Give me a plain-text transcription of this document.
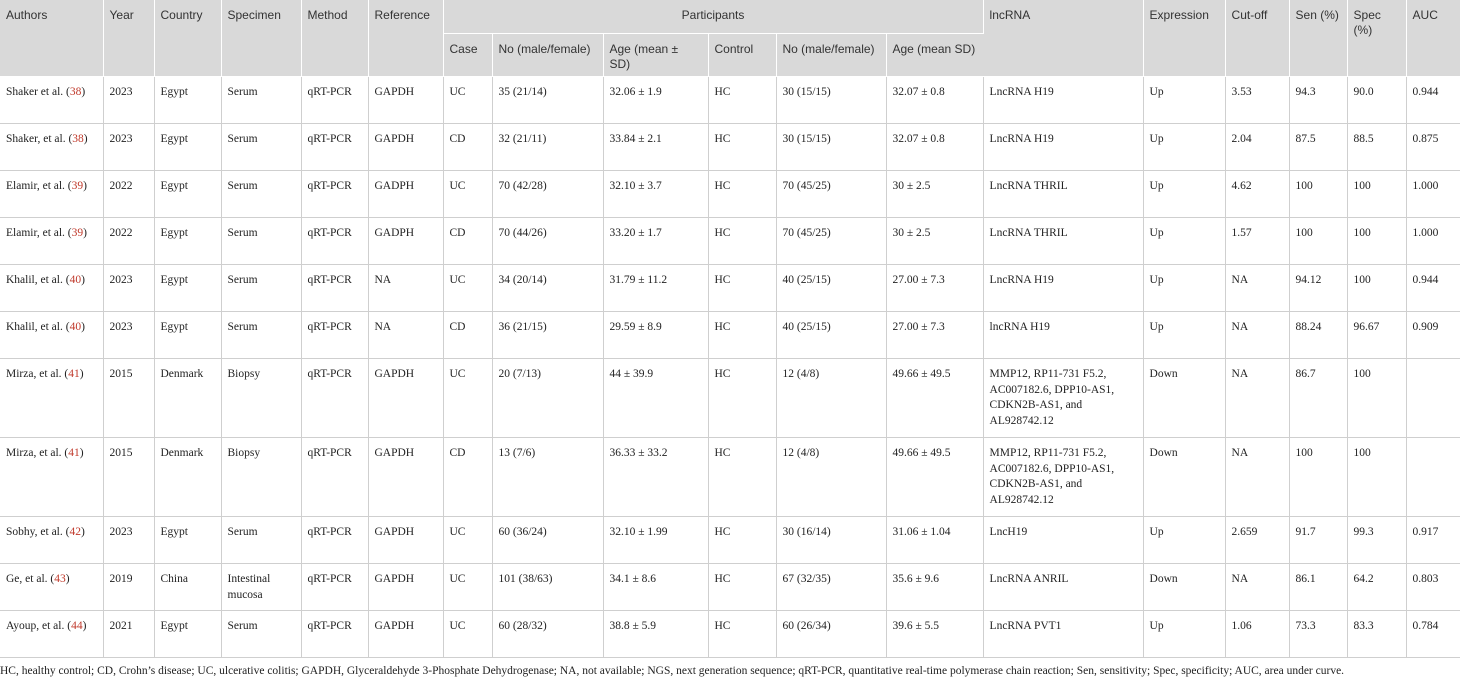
Authors	Year	Country	Specimen	Method	Reference	Participants						lncRNA	Expression	Cut-off	Sen (%)	Spec (%)	AUC
						Case	No (male/female)	Age (mean ± SD)	Control	No (male/female)	Age (mean SD)						
Shaker et al. (38)	2023	Egypt	Serum	qRT-PCR	GAPDH	UC	35 (21/14)	32.06 ± 1.9	HC	30 (15/15)	32.07 ± 0.8	LncRNA H19	Up	3.53	94.3	90.0	0.944
Shaker, et al. (38)	2023	Egypt	Serum	qRT-PCR	GAPDH	CD	32 (21/11)	33.84 ± 2.1	HC	30 (15/15)	32.07 ± 0.8	LncRNA H19	Up	2.04	87.5	88.5	0.875
Elamir, et al. (39)	2022	Egypt	Serum	qRT-PCR	GADPH	UC	70 (42/28)	32.10 ± 3.7	HC	70 (45/25)	30 ± 2.5	LncRNA THRIL	Up	4.62	100	100	1.000
Elamir, et al. (39)	2022	Egypt	Serum	qRT-PCR	GADPH	CD	70 (44/26)	33.20 ± 1.7	HC	70 (45/25)	30 ± 2.5	LncRNA THRIL	Up	1.57	100	100	1.000
Khalil, et al. (40)	2023	Egypt	Serum	qRT-PCR	NA	UC	34 (20/14)	31.79 ± 11.2	HC	40 (25/15)	27.00 ± 7.3	LncRNA H19	Up	NA	94.12	100	0.944
Khalil, et al. (40)	2023	Egypt	Serum	qRT-PCR	NA	CD	36 (21/15)	29.59 ± 8.9	HC	40 (25/15)	27.00 ± 7.3	lncRNA H19	Up	NA	88.24	96.67	0.909
Mirza, et al. (41)	2015	Denmark	Biopsy	qRT-PCR	GAPDH	UC	20 (7/13)	44 ± 39.9	HC	12 (4/8)	49.66 ± 49.5	MMP12, RP11-731 F5.2, AC007182.6, DPP10-AS1, CDKN2B-AS1, and AL928742.12	Down	NA	86.7	100	
Mirza, et al. (41)	2015	Denmark	Biopsy	qRT-PCR	GAPDH	CD	13 (7/6)	36.33 ± 33.2	HC	12 (4/8)	49.66 ± 49.5	MMP12, RP11-731 F5.2, AC007182.6, DPP10-AS1, CDKN2B-AS1, and AL928742.12	Down	NA	100	100	
Sobhy, et al. (42)	2023	Egypt	Serum	qRT-PCR	GAPDH	UC	60 (36/24)	32.10 ± 1.99	HC	30 (16/14)	31.06 ± 1.04	LncH19	Up	2.659	91.7	99.3	0.917
Ge, et al. (43)	2019	China	Intestinal mucosa	qRT-PCR	GAPDH	UC	101 (38/63)	34.1 ± 8.6	HC	67 (32/35)	35.6 ± 9.6	LncRNA ANRIL	Down	NA	86.1	64.2	0.803
Ayoup, et al. (44)	2021	Egypt	Serum	qRT-PCR	GAPDH	UC	60 (28/32)	38.8 ± 5.9	HC	60 (26/34)	39.6 ± 5.5	LncRNA PVT1	Up	1.06	73.3	83.3	0.784
HC, healthy control; CD, Crohn’s disease; UC, ulcerative colitis; GAPDH, Glyceraldehyde 3-Phosphate Dehydrogenase; NA, not available; NGS, next generation sequence; qRT-PCR, quantitative real-time polymerase chain reaction; Sen, sensitivity; Spec, specificity; AUC, area under curve.
